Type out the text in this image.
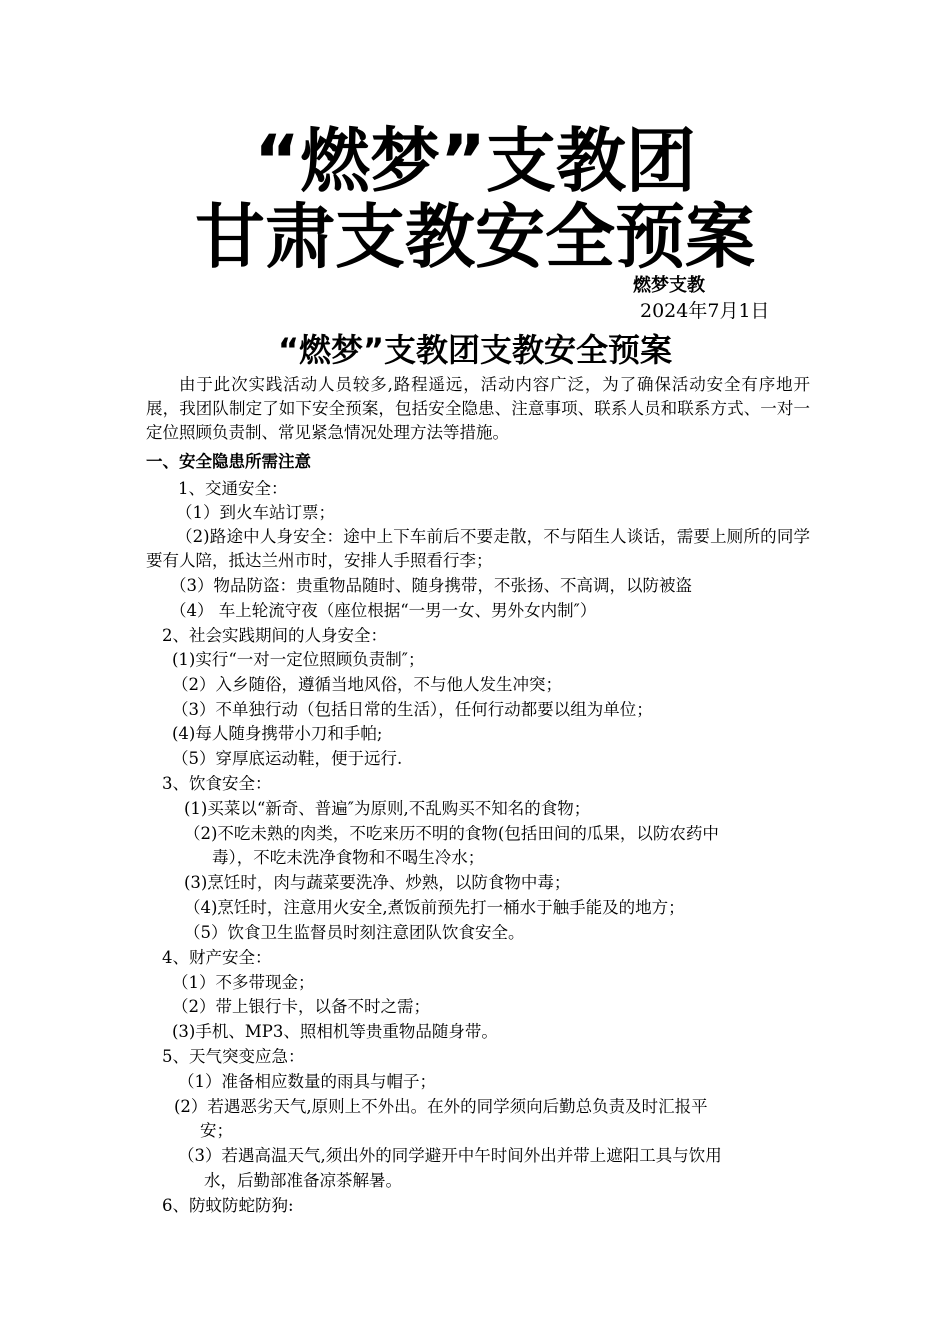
“燃梦”支教团
甘肃支教安全预案
燃梦支教
2024年7月1日
“燃梦”支教团支教安全预案
由于此次实践活动人员较多,路程遥远，活动内容广泛，为了确保活动安全有序地开展，我团队制定了如下安全预案，包括安全隐患、注意事项、联系人员和联系方式、一对一定位照顾负责制、常见紧急情况处理方法等措施。
一、安全隐患所需注意
1、交通安全：
（1）到火车站订票；
（2)路途中人身安全：途中上下车前后不要走散，不与陌生人谈话，需要上厕所的同学要有人陪，抵达兰州市时，安排人手照看行李；
（3）物品防盗：贵重物品随时、随身携带，不张扬、不高调，以防被盗
（4） 车上轮流守夜（座位根据“一男一女、男外女内制″）
2、社会实践期间的人身安全：
(1)实行“一对一定位照顾负责制″；
（2）入乡随俗，遵循当地风俗，不与他人发生冲突；
（3）不单独行动（包括日常的生活），任何行动都要以组为单位；
(4)每人随身携带小刀和手帕;
（5）穿厚底运动鞋，便于远行.
3、饮食安全：
(1)买菜以“新奇、普遍″为原则,不乱购买不知名的食物；
（2)不吃未熟的肉类，不吃来历不明的食物(包括田间的瓜果，以防农药中
毒），不吃未洗净食物和不喝生冷水；
(3)烹饪时，肉与蔬菜要洗净、炒熟，以防食物中毒；
（4)烹饪时，注意用火安全,煮饭前预先打一桶水于触手能及的地方；
（5）饮食卫生监督员时刻注意团队饮食安全。
4、财产安全：
（1）不多带现金；
（2）带上银行卡，以备不时之需；
(3)手机、MP3、照相机等贵重物品随身带。
5、天气突变应急：
（1）准备相应数量的雨具与帽子；
(2）若遇恶劣天气,原则上不外出。在外的同学须向后勤总负责及时汇报平
安；
（3）若遇高温天气,须出外的同学避开中午时间外出并带上遮阳工具与饮用
水，后勤部准备凉茶解暑。
6、防蚊防蛇防狗:
